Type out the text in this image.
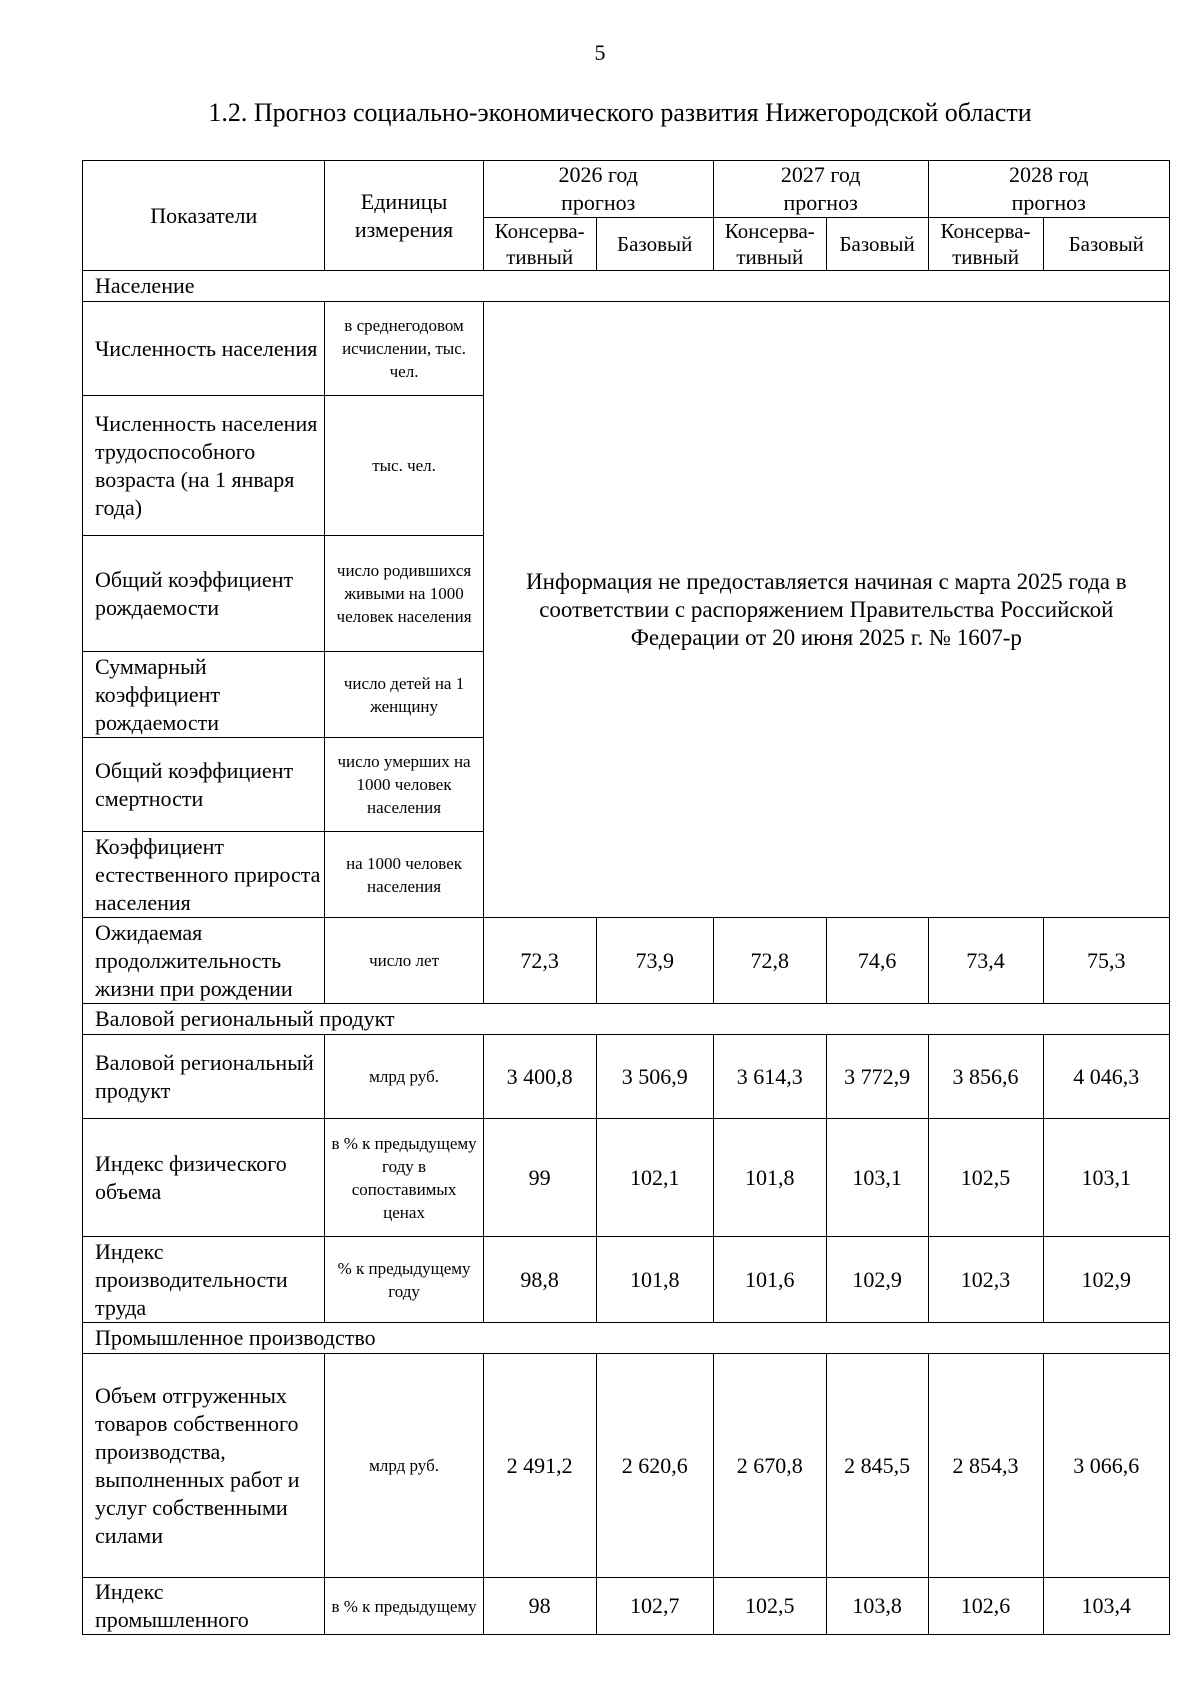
5
1.2. Прогноз социально-экономического развития Нижегородской области
Показатели	Единицы измерения	2026 год прогноз		2027 год прогноз		2028 год прогноз	
		Консерва-тивный	Базовый	Консерва-тивный	Базовый	Консерва-тивный	Базовый
Население							
Численность населения	в среднегодовом исчислении, тыс. чел.	Информация не предоставляется начиная с марта 2025 года в соответствии с распоряжением Правительства Российской Федерации от 20 июня 2025 г. № 1607-р					
Численность населения трудоспособного возраста (на 1 января года)	тыс. чел.						
Общий коэффициент рождаемости	число родившихся живыми на 1000 человек населения						
Суммарный коэффициент рождаемости	число детей на 1 женщину						
Общий коэффициент смертности	число умерших на 1000 человек населения						
Коэффициент естественного прироста населения	на 1000 человек населения						
Ожидаемая продолжительность жизни при рождении	число лет	72,3	73,9	72,8	74,6	73,4	75,3
Валовой региональный продукт							
Валовой региональный продукт	млрд руб.	3 400,8	3 506,9	3 614,3	3 772,9	3 856,6	4 046,3
Индекс физического объема	в % к предыдущему году в сопоставимых ценах	99	102,1	101,8	103,1	102,5	103,1
Индекс производительности труда	% к предыдущему году	98,8	101,8	101,6	102,9	102,3	102,9
Промышленное производство							
Объем отгруженных товаров собственного производства, выполненных работ и услуг собственными силами	млрд руб.	2 491,2	2 620,6	2 670,8	2 845,5	2 854,3	3 066,6
Индекс промышленного	в % к предыдущему	98	102,7	102,5	103,8	102,6	103,4
